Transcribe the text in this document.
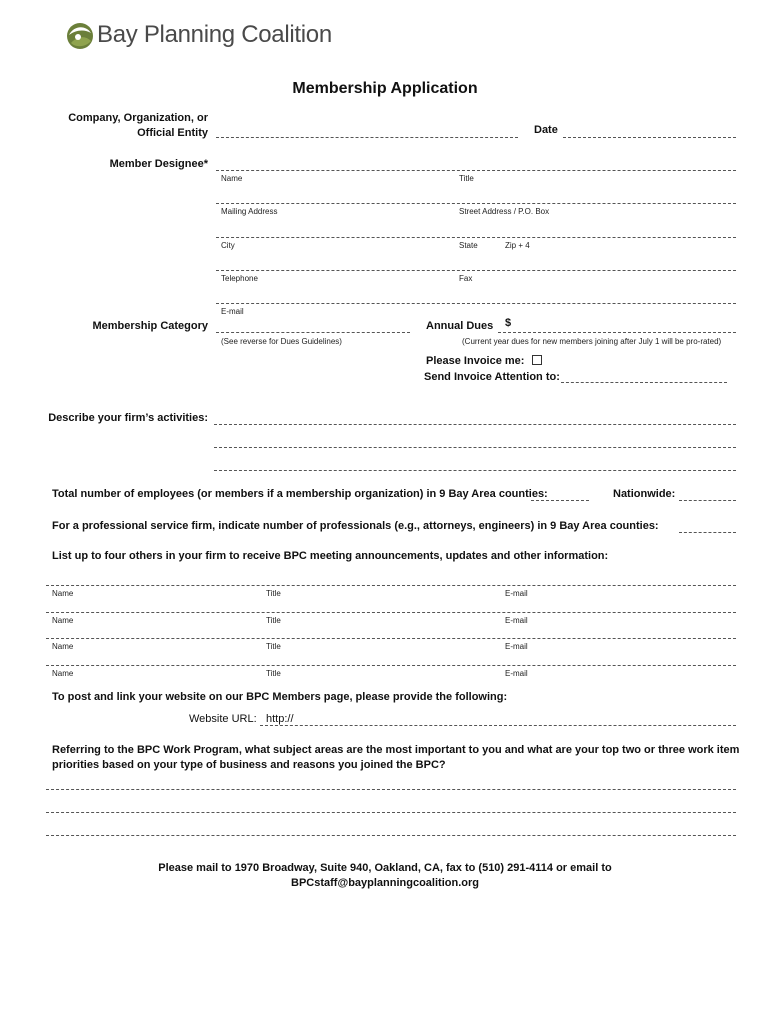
Bay Planning Coalition
Membership Application
Company, Organization, or
Official Entity	Date
Member Designee*
Name	Title
Mailing Address	Street Address / P.O. Box
City	State	Zip + 4
Telephone	Fax
E-mail
Membership Category
(See reverse for Dues Guidelines)
Annual Dues $
(Current year dues for new members joining after July 1 will be pro-rated)
Please Invoice me:
Send Invoice Attention to:
Describe your firm’s activities:
Total number of employees (or members if a membership organization) in 9 Bay Area counties:	Nationwide:
For a professional service firm, indicate number of professionals (e.g., attorneys, engineers) in 9 Bay Area counties:
List up to four others in your firm to receive BPC meeting announcements, updates and other information:
Name	Title	E-mail
Name	Title	E-mail
Name	Title	E-mail
Name	Title	E-mail
To post and link your website on our BPC Members page, please provide the following:
Website URL: http://
Referring to the BPC Work Program, what subject areas are the most important to you and what are your top two or three work item
priorities based on your type of business and reasons you joined the BPC?
Please mail to 1970 Broadway, Suite 940, Oakland, CA, fax to (510) 291-4114 or email to
BPCstaff@bayplanningcoalition.org
